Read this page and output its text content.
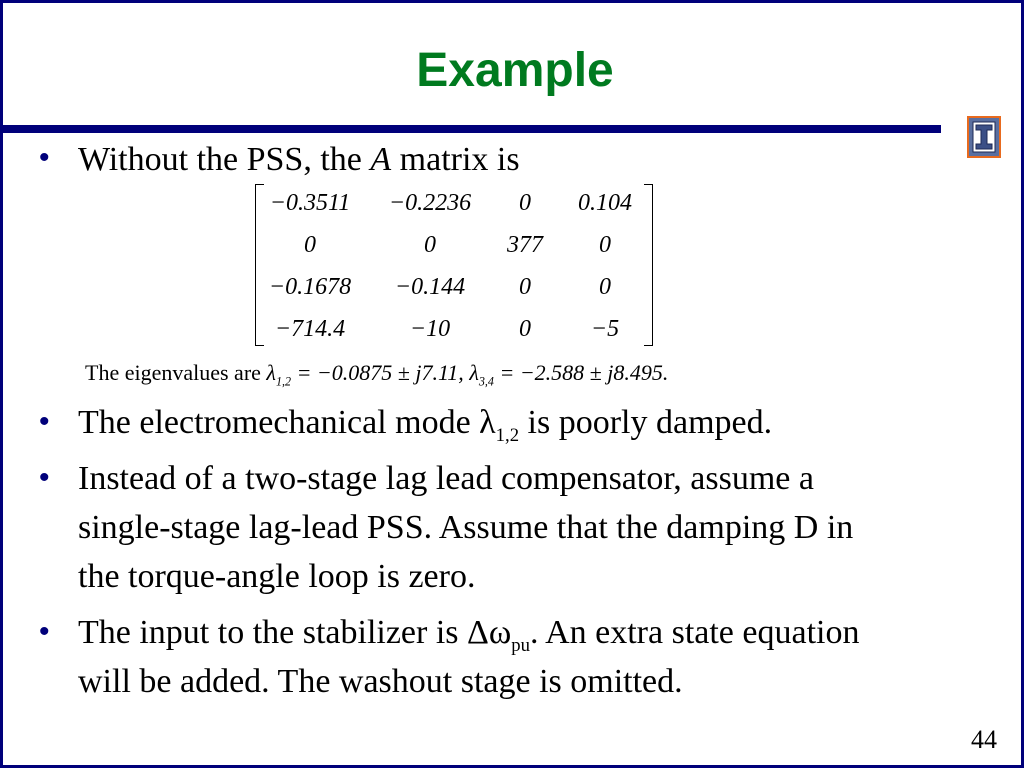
Example
• Without the PSS, the A matrix is
−0.3511 −0.2236 0 0.104
0	0	377 0
−0.1678 −0.144 0	0
−714.4	−10	0 −5
The eigenvalues are $\lambda_{1,2} = -0.0875 \pm j7.11$, $\lambda_{3,4} = -2.588 \pm j8.495$.
• The electromechanical mode $\lambda_{1,2}$ is poorly damped.
• Instead of a two-stage lag lead compensator, assume a
single-stage lag-lead PSS. Assume that the damping D in
the torque-angle loop is zero.
• The input to the stabilizer is $\Delta\omega_{pu}$. An extra state equation
will be added. The washout stage is omitted.
44
